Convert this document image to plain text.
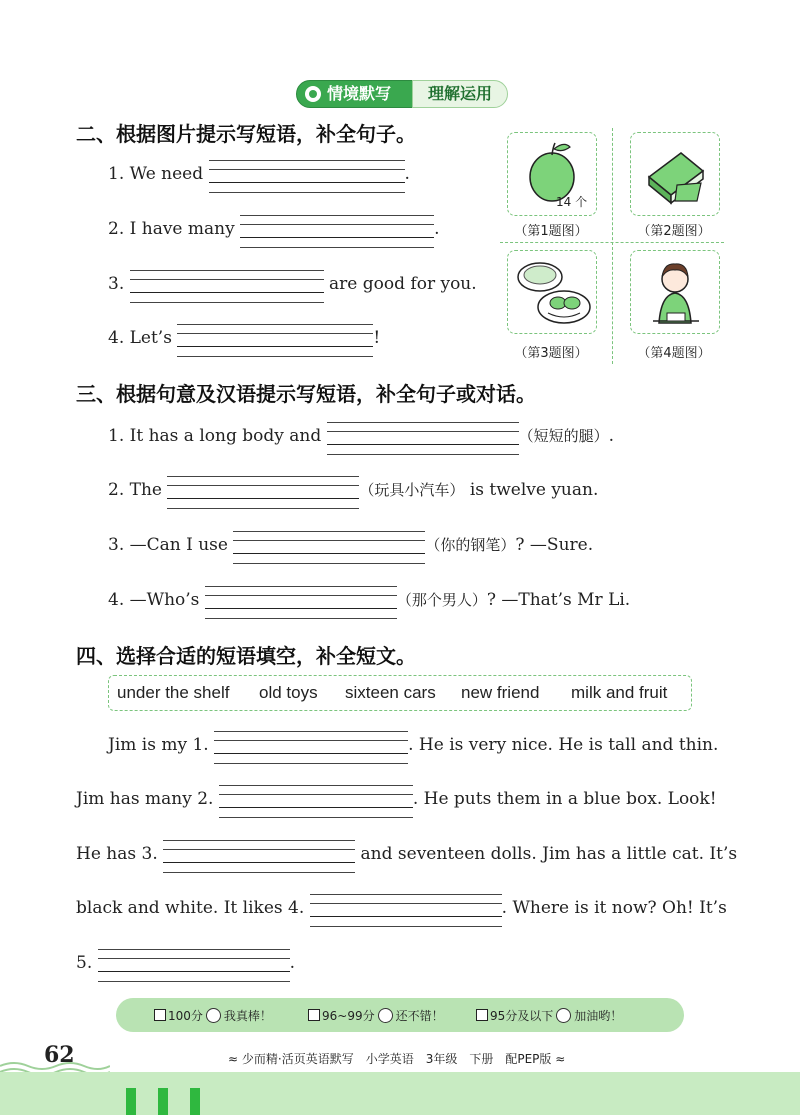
情境默写	理解运用
二、根据图片提示写短语，补全句子。
1. We need	.
2. I have many	.
3.	are good for you.
4. Let’s	!
14 个
（第1题图）	（第2题图）
（第3题图）	（第4题图）
三、根据句意及汉语提示写短语，补全句子或对话。
1. It has a long body and	（短短的腿）.
2. The	（玩具小汽车） is twelve yuan.
3. —Can I use	（你的钢笔）? —Sure.
4. —Who’s	（那个男人）? —That’s Mr Li.
四、选择合适的短语填空，补全短文。
under the shelf old toys sixteen cars new friend milk and fruit
Jim is my 1.	. He is very nice. He is tall and thin.
Jim has many 2.	. He puts them in a blue box. Look!
He has 3.	and seventeen dolls. Jim has a little cat. It’s
black and white. It likes 4.	. Where is it now? Oh! It’s
5.	.
100分 我真棒！	96~99分 还不错！	95分及以下 加油哟！
62	≈ 少而精·活页英语默写　小学英语　3年级　下册　配PEP版 ≈
